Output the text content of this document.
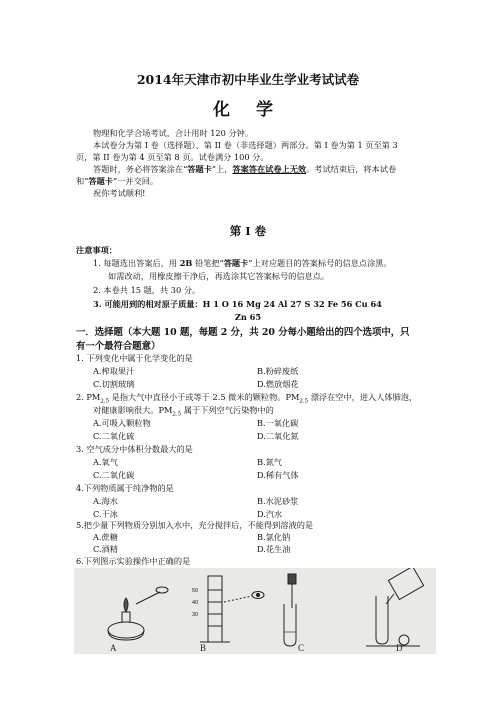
2014年天津市初中毕业生学业考试试卷
化 学
物理和化学合场考试，合计用时 120 分钟。
本试卷分为第 I 卷（选择题）、第 II 卷（非选择题）两部分。第 I 卷为第 1 页至第 3
页，第 II 卷为第 4 页至第 8 页。试卷满分 100 分。
答题时，务必将答案涂在“答题卡”上，答案答在试卷上无效。考试结束后，将本试卷
和“答题卡”一并交回。
祝你考试顺利!
第 I 卷
注意事项：
1. 每题选出答案后，用 2B 铅笔把“答题卡”上对应题目的答案标号的信息点涂黑。
如需改动，用橡皮擦干净后，再选涂其它答案标号的信息点。
2. 本卷共 15 题，共 30 分。
3. 可能用到的相对原子质量：H 1 O 16 Mg 24 Al 27 S 32 Fe 56 Cu 64
Zn 65
一．选择题（本大题 10 题，每题 2 分，共 20 分每小题给出的四个选项中，只
有一个最符合题意）
1. 下列变化中属于化学变化的是
A.榨取果汁	B.粉碎废纸
C.切割玻璃	D.燃放烟花
2. $PM_{2.5}$ 是指大气中直径小于或等于 2.5 微米的颗粒物。$PM_{2.5}$ 漂浮在空中，进入人体肺泡，
对健康影响很大。$PM_{2.5}$ 属于下列空气污染物中的
A.可吸入颗粒物	B.一氧化碳
C.二氧化硫	D.二氧化氮
3. 空气成分中体积分数最大的是
A.氧气	B.氮气
C.二氧化碳	D.稀有气体
4.下列物质属于纯净物的是
A.海水	B.水泥砂浆
C.干冰	D.汽水
5.把少量下列物质分别加入水中，充分搅拌后，不能得到溶液的是
A.蔗糖	B.氯化钠
C.酒精	D.花生油
6.下列图示实验操作中正确的是
A
50
40
30
B	C	D
